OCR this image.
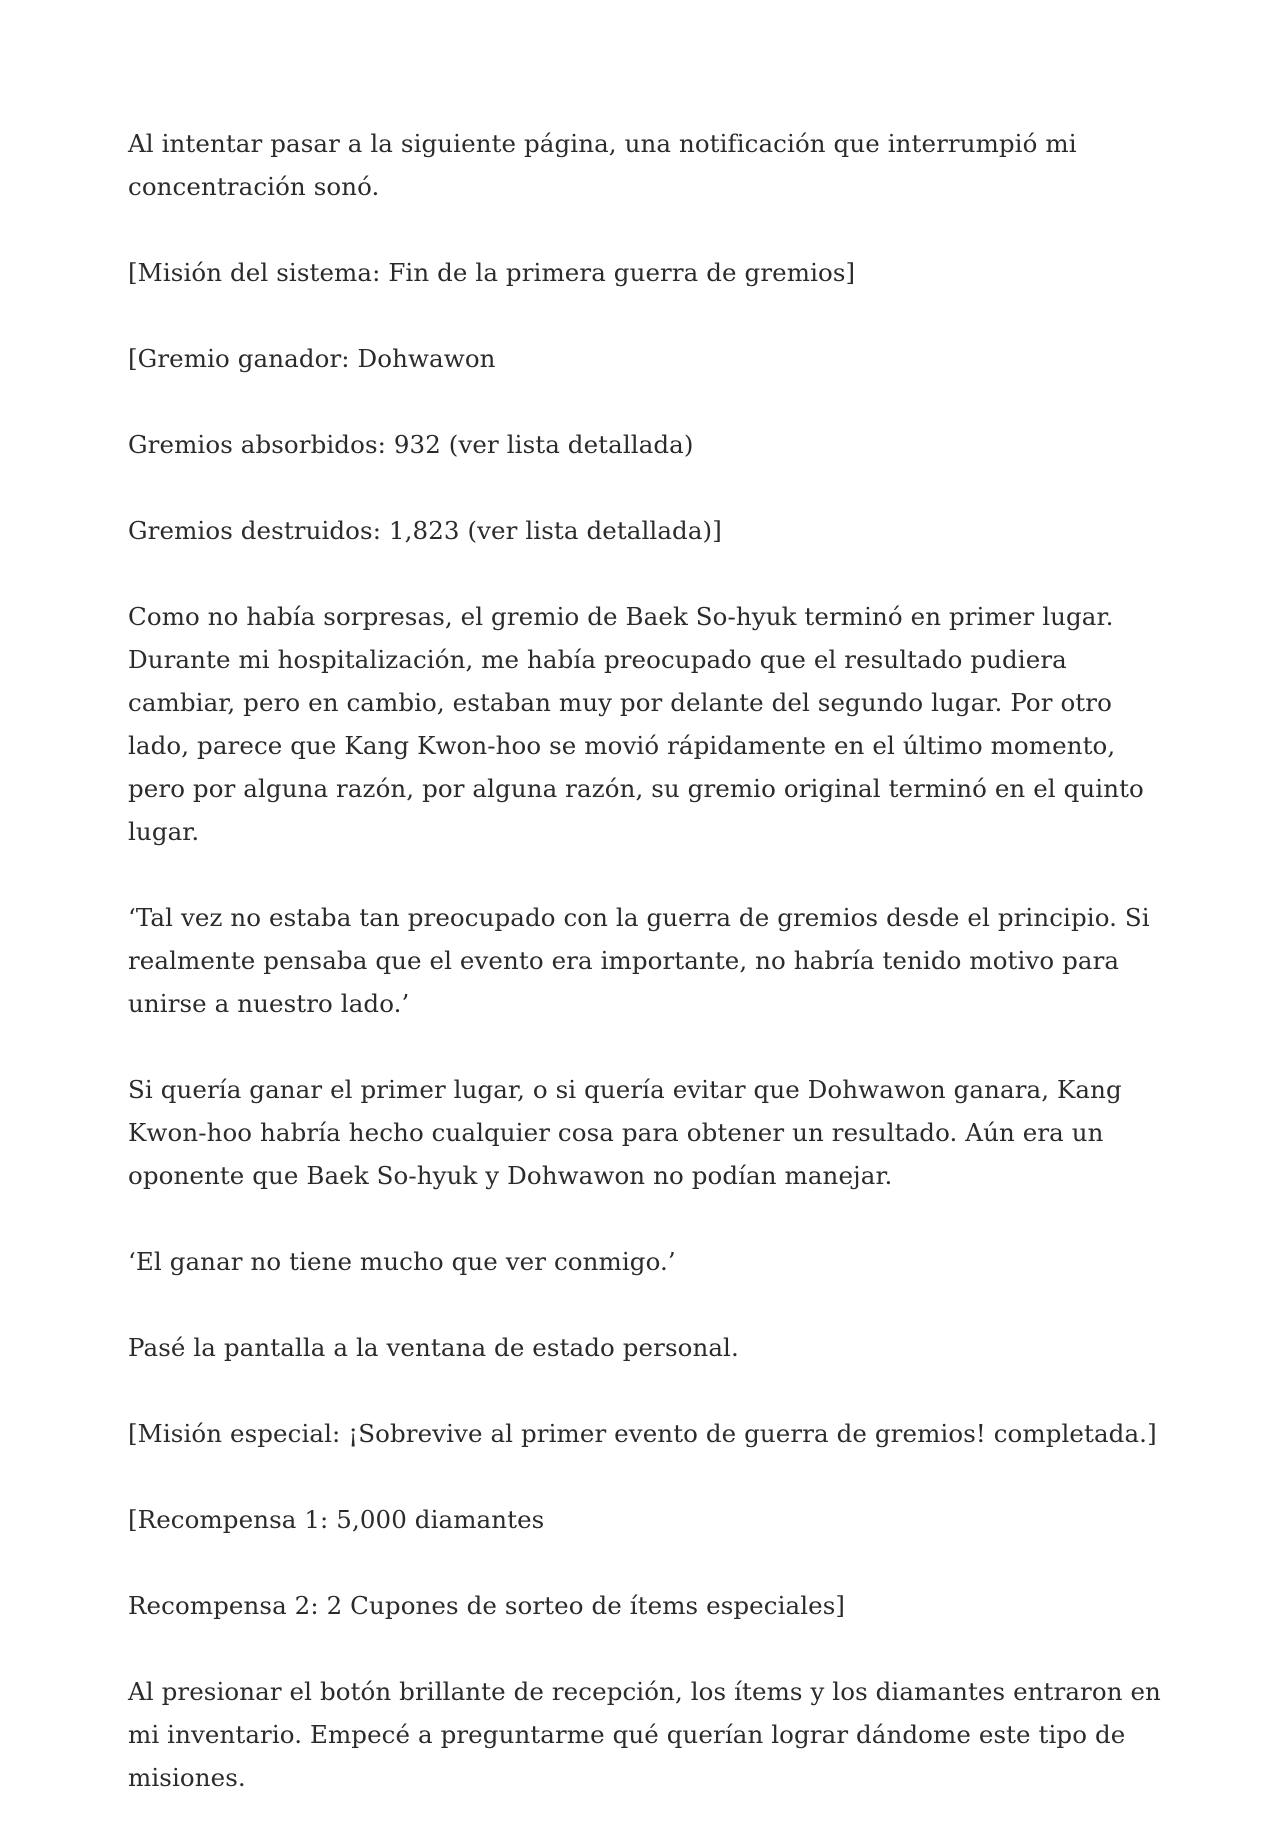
Al intentar pasar a la siguiente página, una notificación que interrumpió mi concentración sonó.

[Misión del sistema: Fin de la primera guerra de gremios]

[Gremio ganador: Dohwawon

Gremios absorbidos: 932 (ver lista detallada)

Gremios destruidos: 1,823 (ver lista detallada)]

Como no había sorpresas, el gremio de Baek So-hyuk terminó en primer lugar. Durante mi hospitalización, me había preocupado que el resultado pudiera cambiar, pero en cambio, estaban muy por delante del segundo lugar. Por otro lado, parece que Kang Kwon-hoo se movió rápidamente en el último momento, pero por alguna razón, por alguna razón, su gremio original terminó en el quinto lugar.

‘Tal vez no estaba tan preocupado con la guerra de gremios desde el principio. Si realmente pensaba que el evento era importante, no habría tenido motivo para unirse a nuestro lado.’

Si quería ganar el primer lugar, o si quería evitar que Dohwawon ganara, Kang Kwon-hoo habría hecho cualquier cosa para obtener un resultado. Aún era un oponente que Baek So-hyuk y Dohwawon no podían manejar.

‘El ganar no tiene mucho que ver conmigo.’

Pasé la pantalla a la ventana de estado personal.

[Misión especial: ¡Sobrevive al primer evento de guerra de gremios! completada.]

[Recompensa 1: 5,000 diamantes

Recompensa 2: 2 Cupones de sorteo de ítems especiales]

Al presionar el botón brillante de recepción, los ítems y los diamantes entraron en mi inventario. Empecé a preguntarme qué querían lograr dándome este tipo de misiones.
